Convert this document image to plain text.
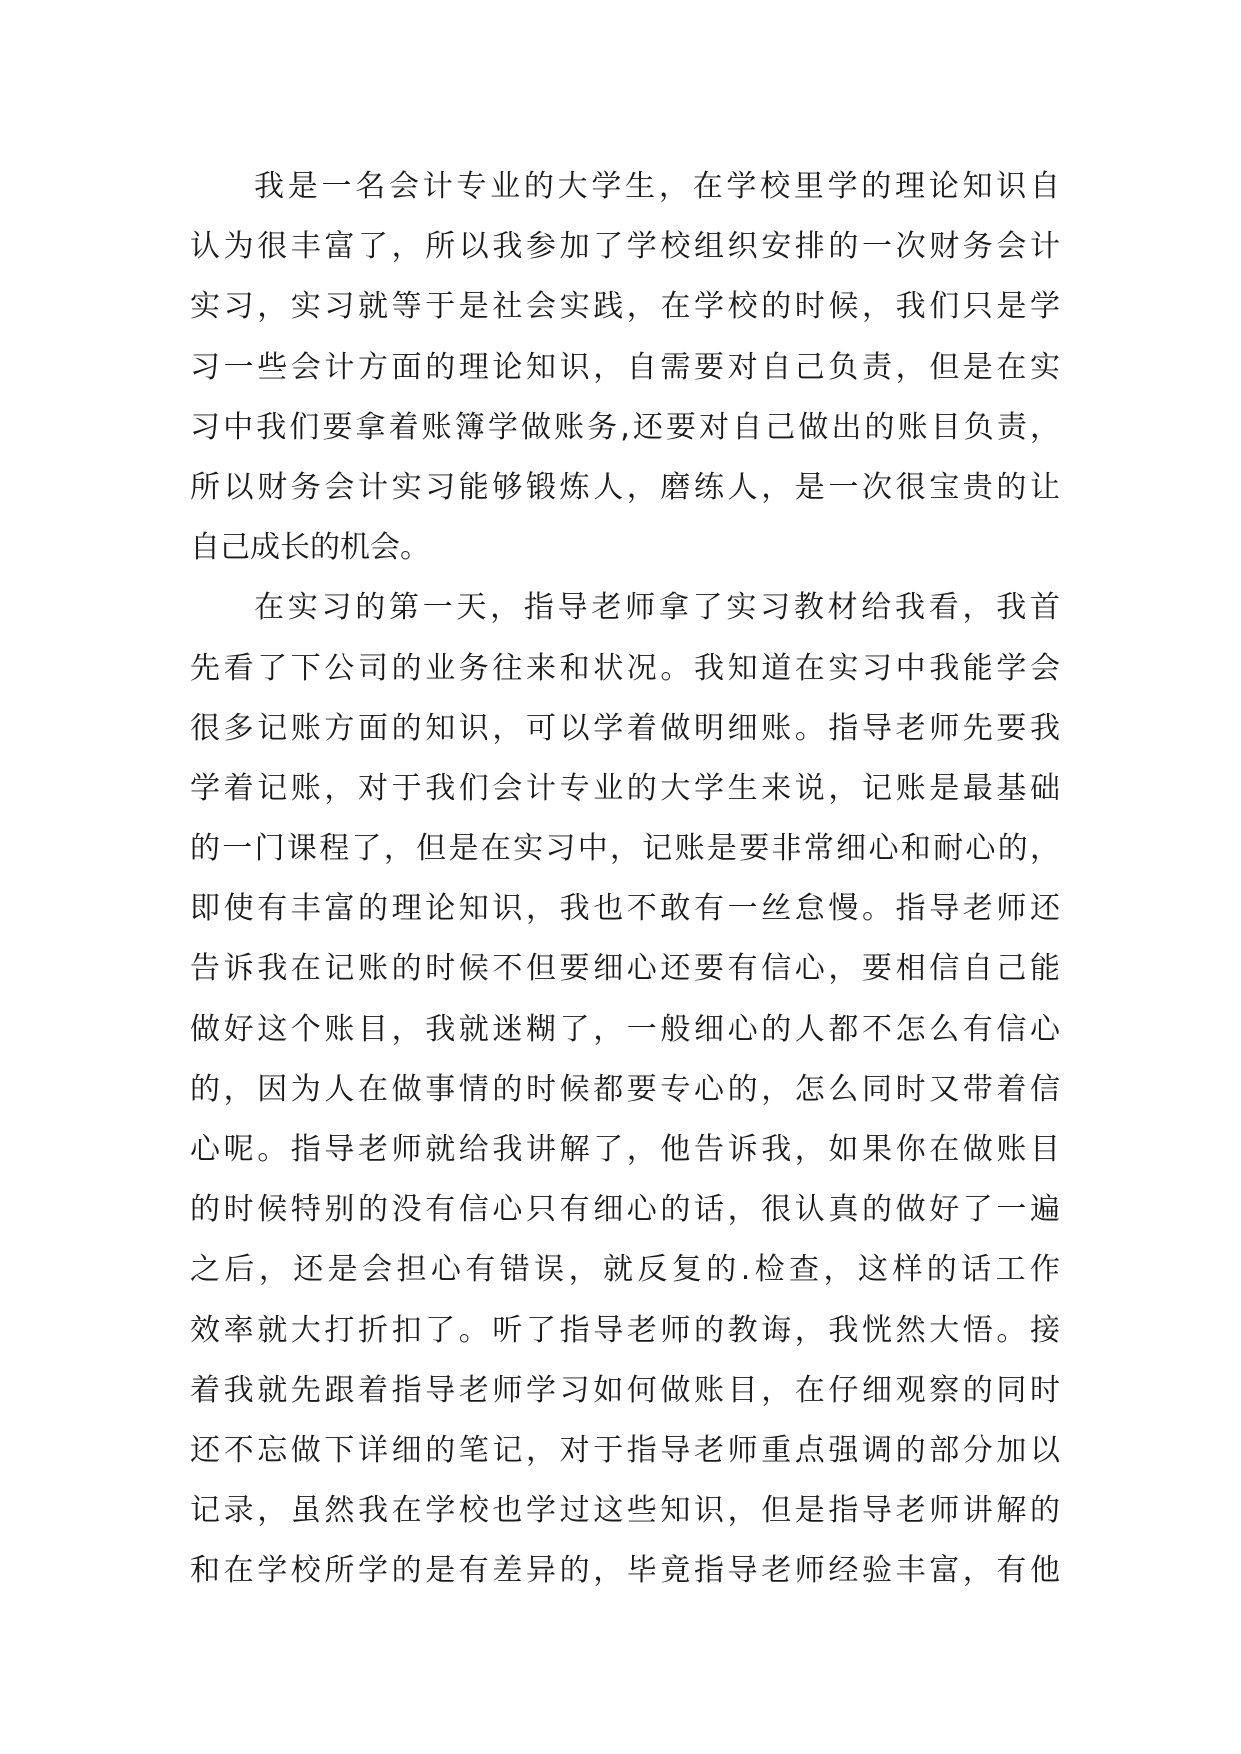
我是一名会计专业的大学生，在学校里学的理论知识自
认为很丰富了，所以我参加了学校组织安排的一次财务会计
实习，实习就等于是社会实践，在学校的时候，我们只是学
习一些会计方面的理论知识，自需要对自己负责，但是在实
习中我们要拿着账簿学做账务,还要对自己做出的账目负责，
所以财务会计实习能够锻炼人，磨练人，是一次很宝贵的让
自己成长的机会。
在实习的第一天，指导老师拿了实习教材给我看，我首
先看了下公司的业务往来和状况。我知道在实习中我能学会
很多记账方面的知识，可以学着做明细账。指导老师先要我
学着记账，对于我们会计专业的大学生来说，记账是最基础
的一门课程了，但是在实习中，记账是要非常细心和耐心的，
即使有丰富的理论知识，我也不敢有一丝怠慢。指导老师还
告诉我在记账的时候不但要细心还要有信心，要相信自己能
做好这个账目，我就迷糊了，一般细心的人都不怎么有信心
的，因为人在做事情的时候都要专心的，怎么同时又带着信
心呢。指导老师就给我讲解了，他告诉我，如果你在做账目
的时候特别的没有信心只有细心的话，很认真的做好了一遍
之后，还是会担心有错误，就反复的.检查，这样的话工作
效率就大打折扣了。听了指导老师的教诲，我恍然大悟。接
着我就先跟着指导老师学习如何做账目，在仔细观察的同时
还不忘做下详细的笔记，对于指导老师重点强调的部分加以
记录，虽然我在学校也学过这些知识，但是指导老师讲解的
和在学校所学的是有差异的，毕竟指导老师经验丰富，有他
